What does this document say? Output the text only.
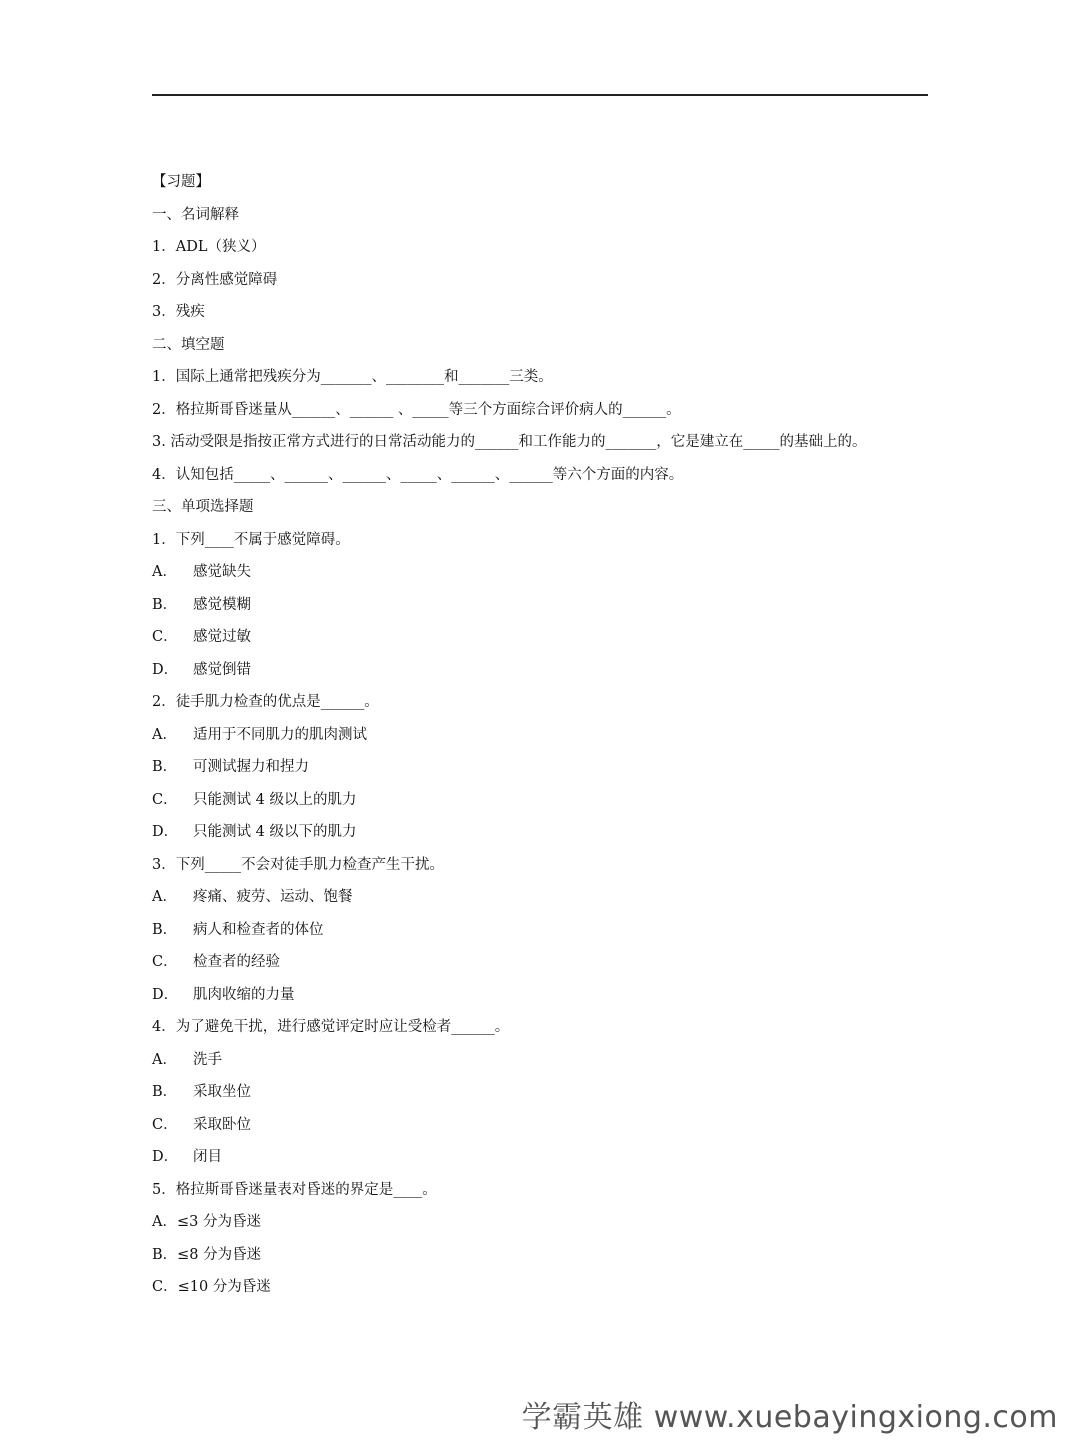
【习题】
一、名词解释
1．ADL（狭义）
2．分离性感觉障碍
3．残疾
二、填空题
1．国际上通常把残疾分为_______、________和_______三类。
2．格拉斯哥昏迷量从______、______ 、_____等三个方面综合评价病人的______。
3. 活动受限是指按正常方式进行的日常活动能力的______和工作能力的_______，它是建立在_____的基础上的。
4．认知包括_____、______、______、_____、______、______等六个方面的内容。
三、单项选择题
1．下列____不属于感觉障碍。
A． 感觉缺失
B． 感觉模糊
C． 感觉过敏
D． 感觉倒错
2．徒手肌力检查的优点是______。
A． 适用于不同肌力的肌肉测试
B． 可测试握力和捏力
C． 只能测试 4 级以上的肌力
D． 只能测试 4 级以下的肌力
3．下列_____不会对徒手肌力检查产生干扰。
A． 疼痛、疲劳、运动、饱餐
B． 病人和检查者的体位
C． 检查者的经验
D． 肌肉收缩的力量
4．为了避免干扰，进行感觉评定时应让受检者______。
A． 洗手
B． 采取坐位
C． 采取卧位
D． 闭目
5．格拉斯哥昏迷量表对昏迷的界定是____。
A．≤3 分为昏迷
B．≤8 分为昏迷
C．≤10 分为昏迷
学霸英雄 www.xuebayingxiong.com
